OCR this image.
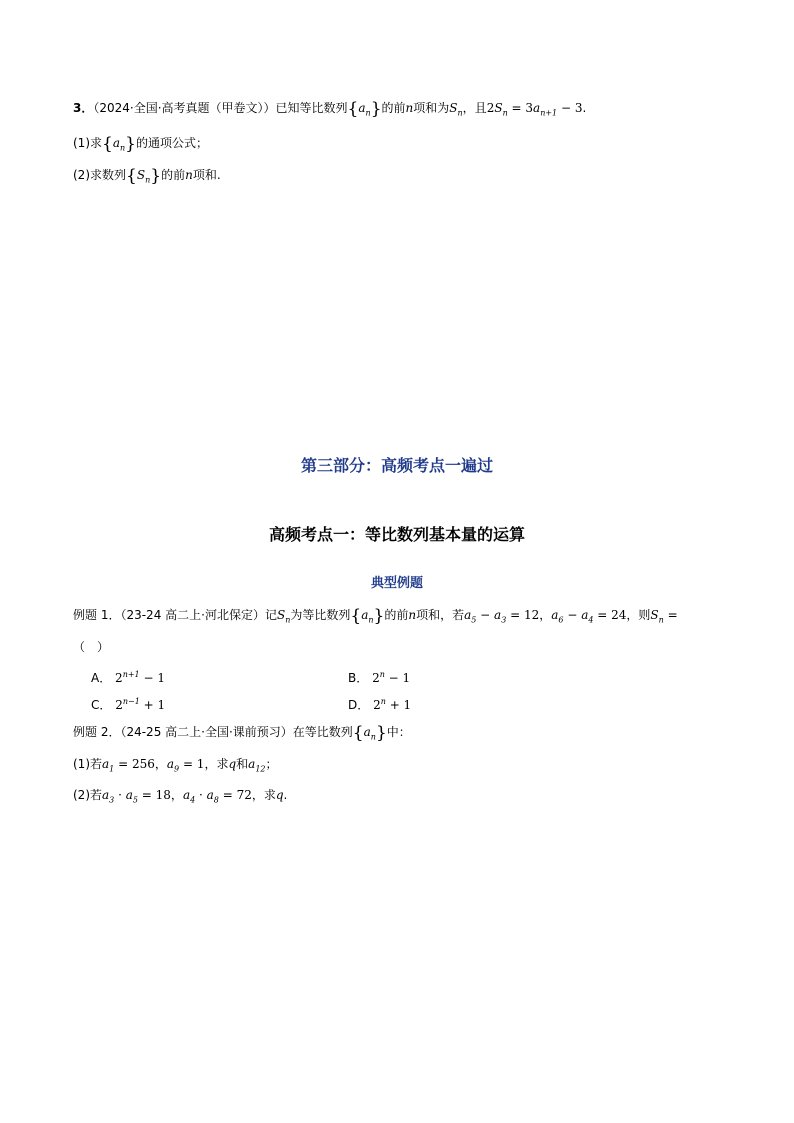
3．（2024·全国·高考真题（甲卷文））已知等比数列$\{a_n\}$的前n项和为$S_n$，且$2S_n = 3a_{n+1} - 3$.
(1)求$\{a_n\}$的通项公式；
(2)求数列$\{S_n\}$的前n项和.
第三部分：高频考点一遍过
高频考点一：等比数列基本量的运算
典型例题
例题 1．（23-24 高二上·河北保定）记$S_n$为等比数列$\{a_n\}$的前n项和，若$a_5 - a_3 = 12$，$a_6 - a_4 = 24$，则$S_n$ =
（　）
A． $2^{n+1} - 1$	B． $2^n - 1$
C． $2^{n-1} + 1$	D． $2^n + 1$
例题 2．（24-25 高二上·全国·课前预习）在等比数列$\{a_n\}$中：
(1)若$a_1 = 256$，$a_9 = 1$，求q和$a_{12}$；
(2)若$a_3 \cdot a_5 = 18$，$a_4 \cdot a_8 = 72$，求q.
